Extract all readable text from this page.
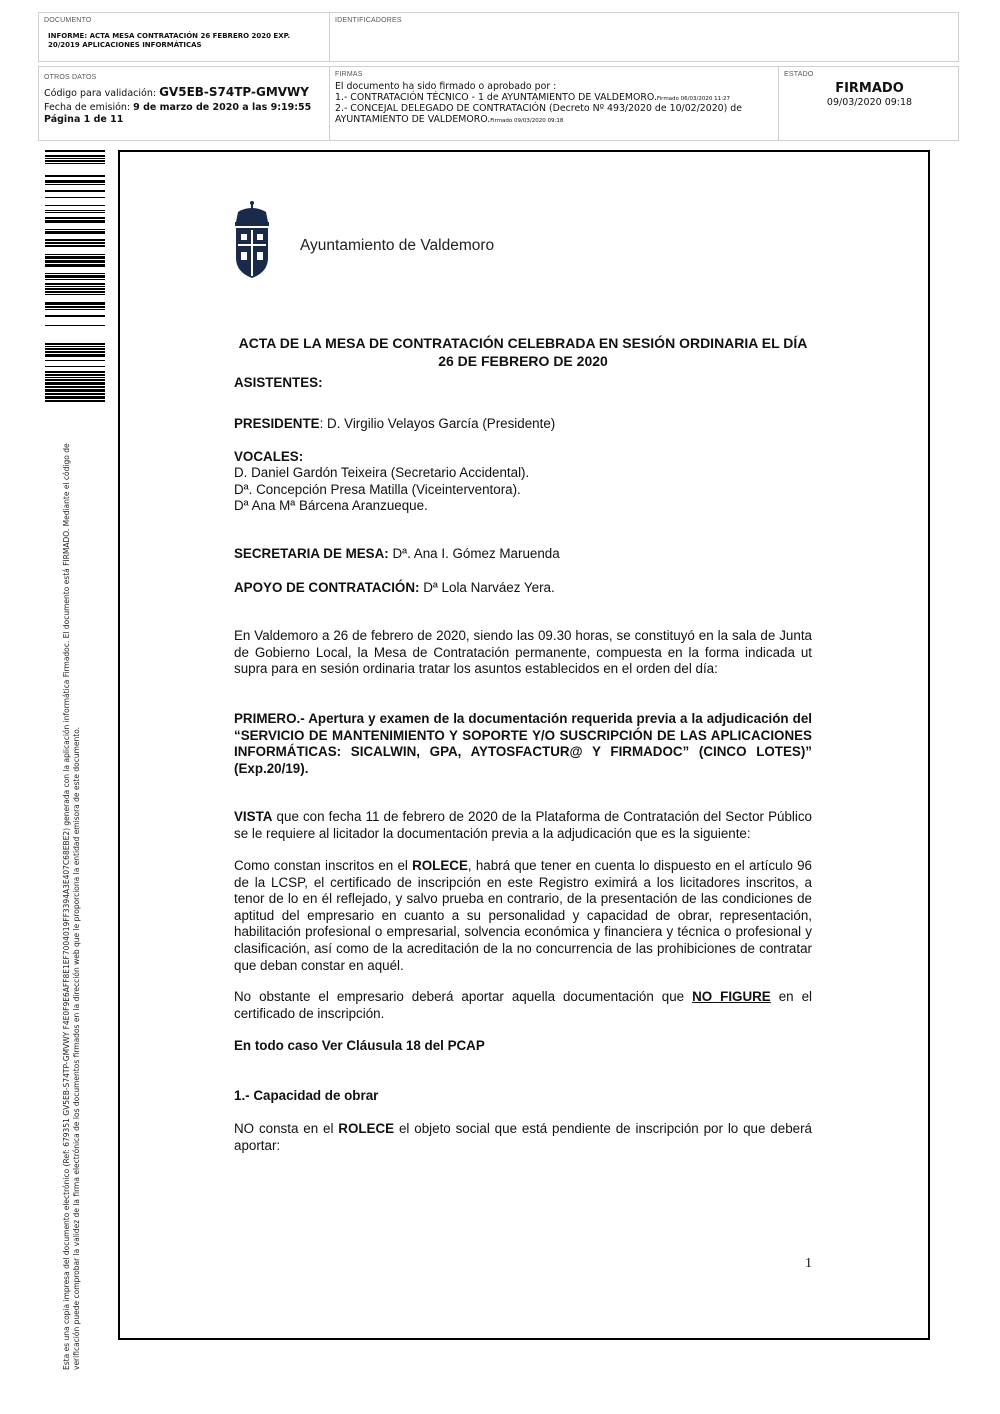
DOCUMENTO
INFORME: ACTA MESA CONTRATACIÓN 26 FEBRERO 2020 EXP. 20/2019 APLICACIONES INFORMÁTICAS
IDENTIFICADORES
OTROS DATOS
Código para validación: GV5EB-S74TP-GMVWY
Fecha de emisión: 9 de marzo de 2020 a las 9:19:55
Página 1 de 11
FIRMAS
El documento ha sido firmado o aprobado por :
1.- CONTRATACIÓN TÉCNICO - 1 de AYUNTAMIENTO DE VALDEMORO.Firmado 06/03/2020 11:27
2.- CONCEJAL DELEGADO DE CONTRATACIÓN (Decreto Nº 493/2020 de 10/02/2020) de AYUNTAMIENTO DE VALDEMORO.Firmado 09/03/2020 09:18
ESTADO
FIRMADO
09/03/2020 09:18
Esta es una copia impresa del documento electrónico (Ref: 679351 GV5EB-S74TP-GMVWY F4E0F9E6AFF8E1EF7004019FF3394A3E407C68EBE2) generada con la aplicación informática Firmadoc. El documento está FIRMADO. Mediante el código de verificación puede comprobar la validez de la firma electrónica de los documentos firmados en la dirección web que le proporciona la entidad emisora de este documento.
Ayuntamiento de Valdemoro
ACTA DE LA MESA DE CONTRATACIÓN CELEBRADA EN SESIÓN ORDINARIA EL DÍA 26 DE FEBRERO DE 2020
ASISTENTES:
PRESIDENTE: D. Virgilio Velayos García (Presidente)
VOCALES:
D. Daniel Gardón Teixeira (Secretario Accidental).
Dª. Concepción Presa Matilla (Viceinterventora).
Dª Ana Mª Bárcena Aranzueque.
SECRETARIA DE MESA: Dª. Ana I. Gómez Maruenda
APOYO DE CONTRATACIÓN: Dª Lola Narváez Yera.
En Valdemoro a 26 de febrero de 2020, siendo las 09.30 horas, se constituyó en la sala de Junta de Gobierno Local, la Mesa de Contratación permanente, compuesta en la forma indicada ut supra para en sesión ordinaria tratar los asuntos establecidos en el orden del día:
PRIMERO.- Apertura y examen de la documentación requerida previa a la adjudicación del “SERVICIO DE MANTENIMIENTO Y SOPORTE Y/O SUSCRIPCIÓN DE LAS APLICACIONES INFORMÁTICAS: SICALWIN, GPA, AYTOSFACTUR@ Y FIRMADOC” (CINCO LOTES)” (Exp.20/19).
VISTA que con fecha 11 de febrero de 2020 de la Plataforma de Contratación del Sector Público se le requiere al licitador la documentación previa a la adjudicación que es la siguiente:
Como constan inscritos en el ROLECE, habrá que tener en cuenta lo dispuesto en el artículo 96 de la LCSP, el certificado de inscripción en este Registro eximirá a los licitadores inscritos, a tenor de lo en él reflejado, y salvo prueba en contrario, de la presentación de las condiciones de aptitud del empresario en cuanto a su personalidad y capacidad de obrar, representación, habilitación profesional o empresarial, solvencia económica y financiera y técnica o profesional y clasificación, así como de la acreditación de la no concurrencia de las prohibiciones de contratar que deban constar en aquél.
No obstante el empresario deberá aportar aquella documentación que NO FIGURE en el certificado de inscripción.
En todo caso Ver Cláusula 18 del PCAP
1.- Capacidad de obrar
NO consta en el ROLECE el objeto social que está pendiente de inscripción por lo que deberá aportar:
1
